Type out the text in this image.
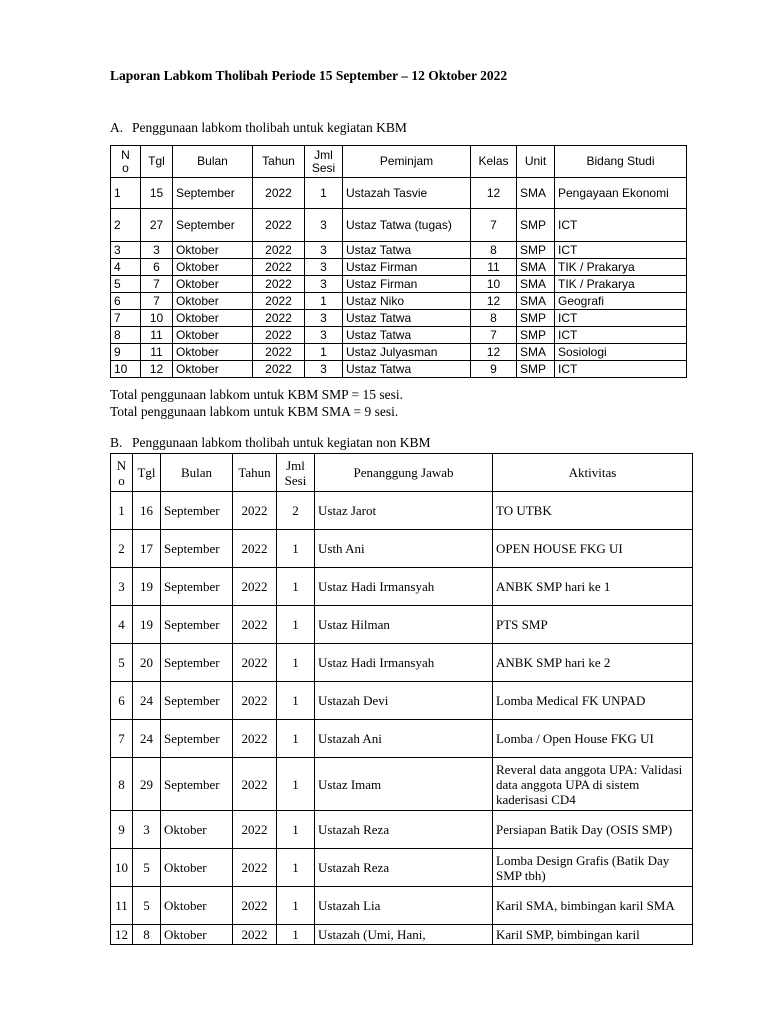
Laporan Labkom Tholibah Periode 15 September – 12 Oktober 2022
A. Penggunaan labkom tholibah untuk kegiatan KBM
No	Tgl	Bulan	Tahun	Jml Sesi	Peminjam	Kelas	Unit	Bidang Studi
1	15	September	2022	1	Ustazah Tasvie	12	SMA	Pengayaan Ekonomi
2	27	September	2022	3	Ustaz Tatwa (tugas)	7	SMP	ICT
3	3	Oktober	2022	3	Ustaz Tatwa	8	SMP	ICT
4	6	Oktober	2022	3	Ustaz Firman	11	SMA	TIK / Prakarya
5	7	Oktober	2022	3	Ustaz Firman	10	SMA	TIK / Prakarya
6	7	Oktober	2022	1	Ustaz Niko	12	SMA	Geografi
7	10	Oktober	2022	3	Ustaz Tatwa	8	SMP	ICT
8	11	Oktober	2022	3	Ustaz Tatwa	7	SMP	ICT
9	11	Oktober	2022	1	Ustaz Julyasman	12	SMA	Sosiologi
10	12	Oktober	2022	3	Ustaz Tatwa	9	SMP	ICT
Total penggunaan labkom untuk KBM SMP = 15 sesi.
Total penggunaan labkom untuk KBM SMA = 9 sesi.
B. Penggunaan labkom tholibah untuk kegiatan non KBM
No	Tgl	Bulan	Tahun	Jml Sesi	Penanggung Jawab	Aktivitas
1	16	September	2022	2	Ustaz Jarot	TO UTBK
2	17	September	2022	1	Usth Ani	OPEN HOUSE FKG UI
3	19	September	2022	1	Ustaz Hadi Irmansyah	ANBK SMP hari ke 1
4	19	September	2022	1	Ustaz Hilman	PTS SMP
5	20	September	2022	1	Ustaz Hadi Irmansyah	ANBK SMP hari ke 2
6	24	September	2022	1	Ustazah Devi	Lomba Medical FK UNPAD
7	24	September	2022	1	Ustazah Ani	Lomba / Open House FKG UI
8	29	September	2022	1	Ustaz Imam	Reveral data anggota UPA: Validasi data anggota UPA di sistem kaderisasi CD4
9	3	Oktober	2022	1	Ustazah Reza	Persiapan Batik Day (OSIS SMP)
10	5	Oktober	2022	1	Ustazah Reza	Lomba Design Grafis (Batik Day SMP tbh)
11	5	Oktober	2022	1	Ustazah Lia	Karil SMA, bimbingan karil SMA
12	8	Oktober	2022	1	Ustazah (Umi, Hani,	Karil SMP, bimbingan karil
